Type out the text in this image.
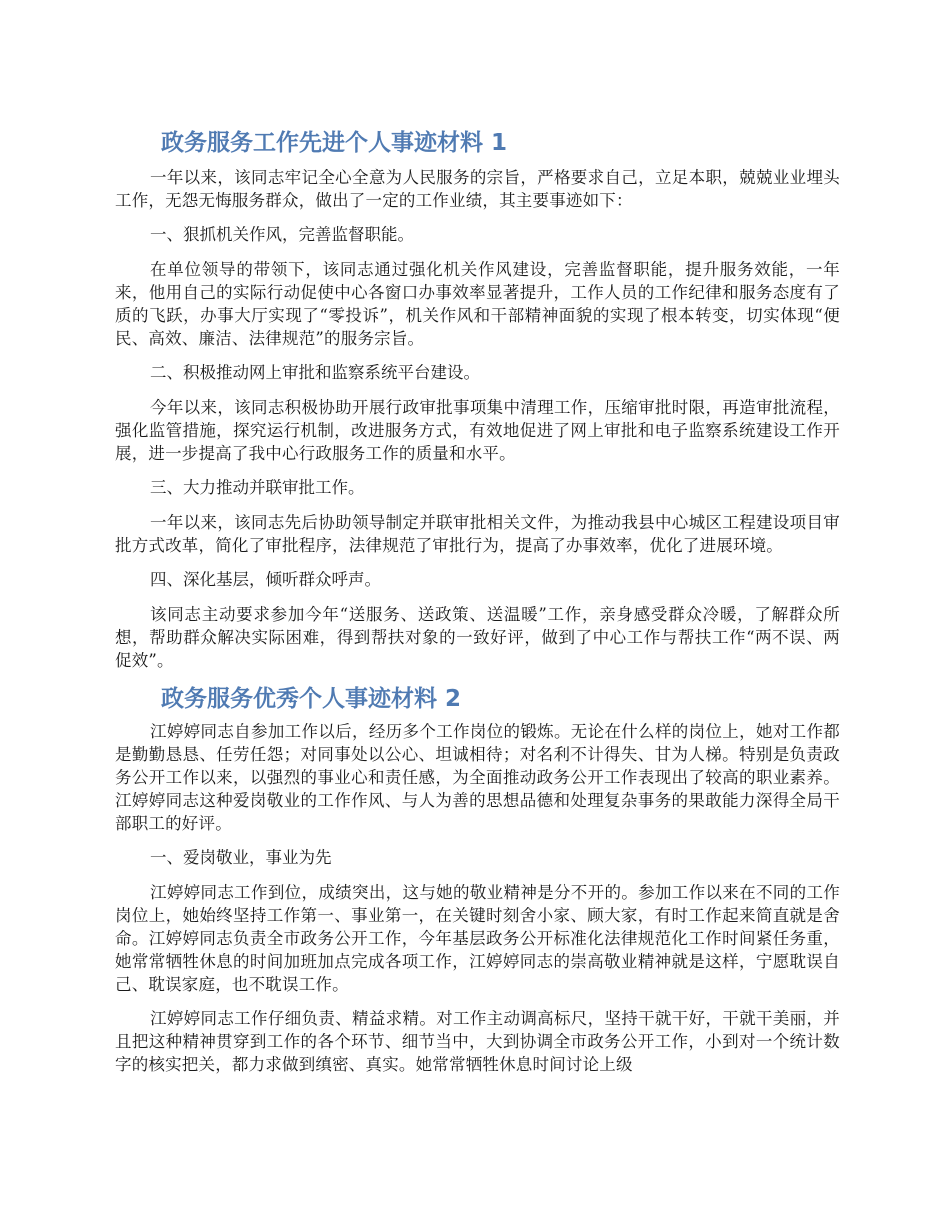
政务服务工作先进个人事迹材料 1

一年以来，该同志牢记全心全意为人民服务的宗旨，严格要求自己，立足本职，兢兢业业埋头工作，无怨无悔服务群众，做出了一定的工作业绩，其主要事迹如下：

一、狠抓机关作风，完善监督职能。

在单位领导的带领下，该同志通过强化机关作风建设，完善监督职能，提升服务效能，一年来，他用自己的实际行动促使中心各窗口办事效率显著提升，工作人员的工作纪律和服务态度有了质的飞跃，办事大厅实现了“零投诉”，机关作风和干部精神面貌的实现了根本转变，切实体现“便民、高效、廉洁、法律规范”的服务宗旨。

二、积极推动网上审批和监察系统平台建设。

今年以来，该同志积极协助开展行政审批事项集中清理工作，压缩审批时限，再造审批流程，强化监管措施，探究运行机制，改进服务方式，有效地促进了网上审批和电子监察系统建设工作开展，进一步提高了我中心行政服务工作的质量和水平。

三、大力推动并联审批工作。

一年以来，该同志先后协助领导制定并联审批相关文件，为推动我县中心城区工程建设项目审批方式改革，简化了审批程序，法律规范了审批行为，提高了办事效率，优化了进展环境。

四、深化基层，倾听群众呼声。

该同志主动要求参加今年“送服务、送政策、送温暖”工作，亲身感受群众冷暖，了解群众所想，帮助群众解决实际困难，得到帮扶对象的一致好评，做到了中心工作与帮扶工作“两不误、两促效”。

政务服务优秀个人事迹材料 2

江婷婷同志自参加工作以后，经历多个工作岗位的锻炼。无论在什么样的岗位上，她对工作都是勤勤恳恳、任劳任怨；对同事处以公心、坦诚相待；对名利不计得失、甘为人梯。特别是负责政务公开工作以来，以强烈的事业心和责任感，为全面推动政务公开工作表现出了较高的职业素养。江婷婷同志这种爱岗敬业的工作作风、与人为善的思想品德和处理复杂事务的果敢能力深得全局干部职工的好评。

一、爱岗敬业，事业为先

江婷婷同志工作到位，成绩突出，这与她的敬业精神是分不开的。参加工作以来在不同的工作岗位上，她始终坚持工作第一、事业第一，在关键时刻舍小家、顾大家，有时工作起来简直就是舍命。江婷婷同志负责全市政务公开工作，今年基层政务公开标准化法律规范化工作时间紧任务重，她常常牺牲休息的时间加班加点完成各项工作，江婷婷同志的崇高敬业精神就是这样，宁愿耽误自己、耽误家庭，也不耽误工作。

江婷婷同志工作仔细负责、精益求精。对工作主动调高标尺，坚持干就干好，干就干美丽，并且把这种精神贯穿到工作的各个环节、细节当中，大到协调全市政务公开工作，小到对一个统计数字的核实把关，都力求做到缜密、真实。她常常牺牲休息时间讨论上级
